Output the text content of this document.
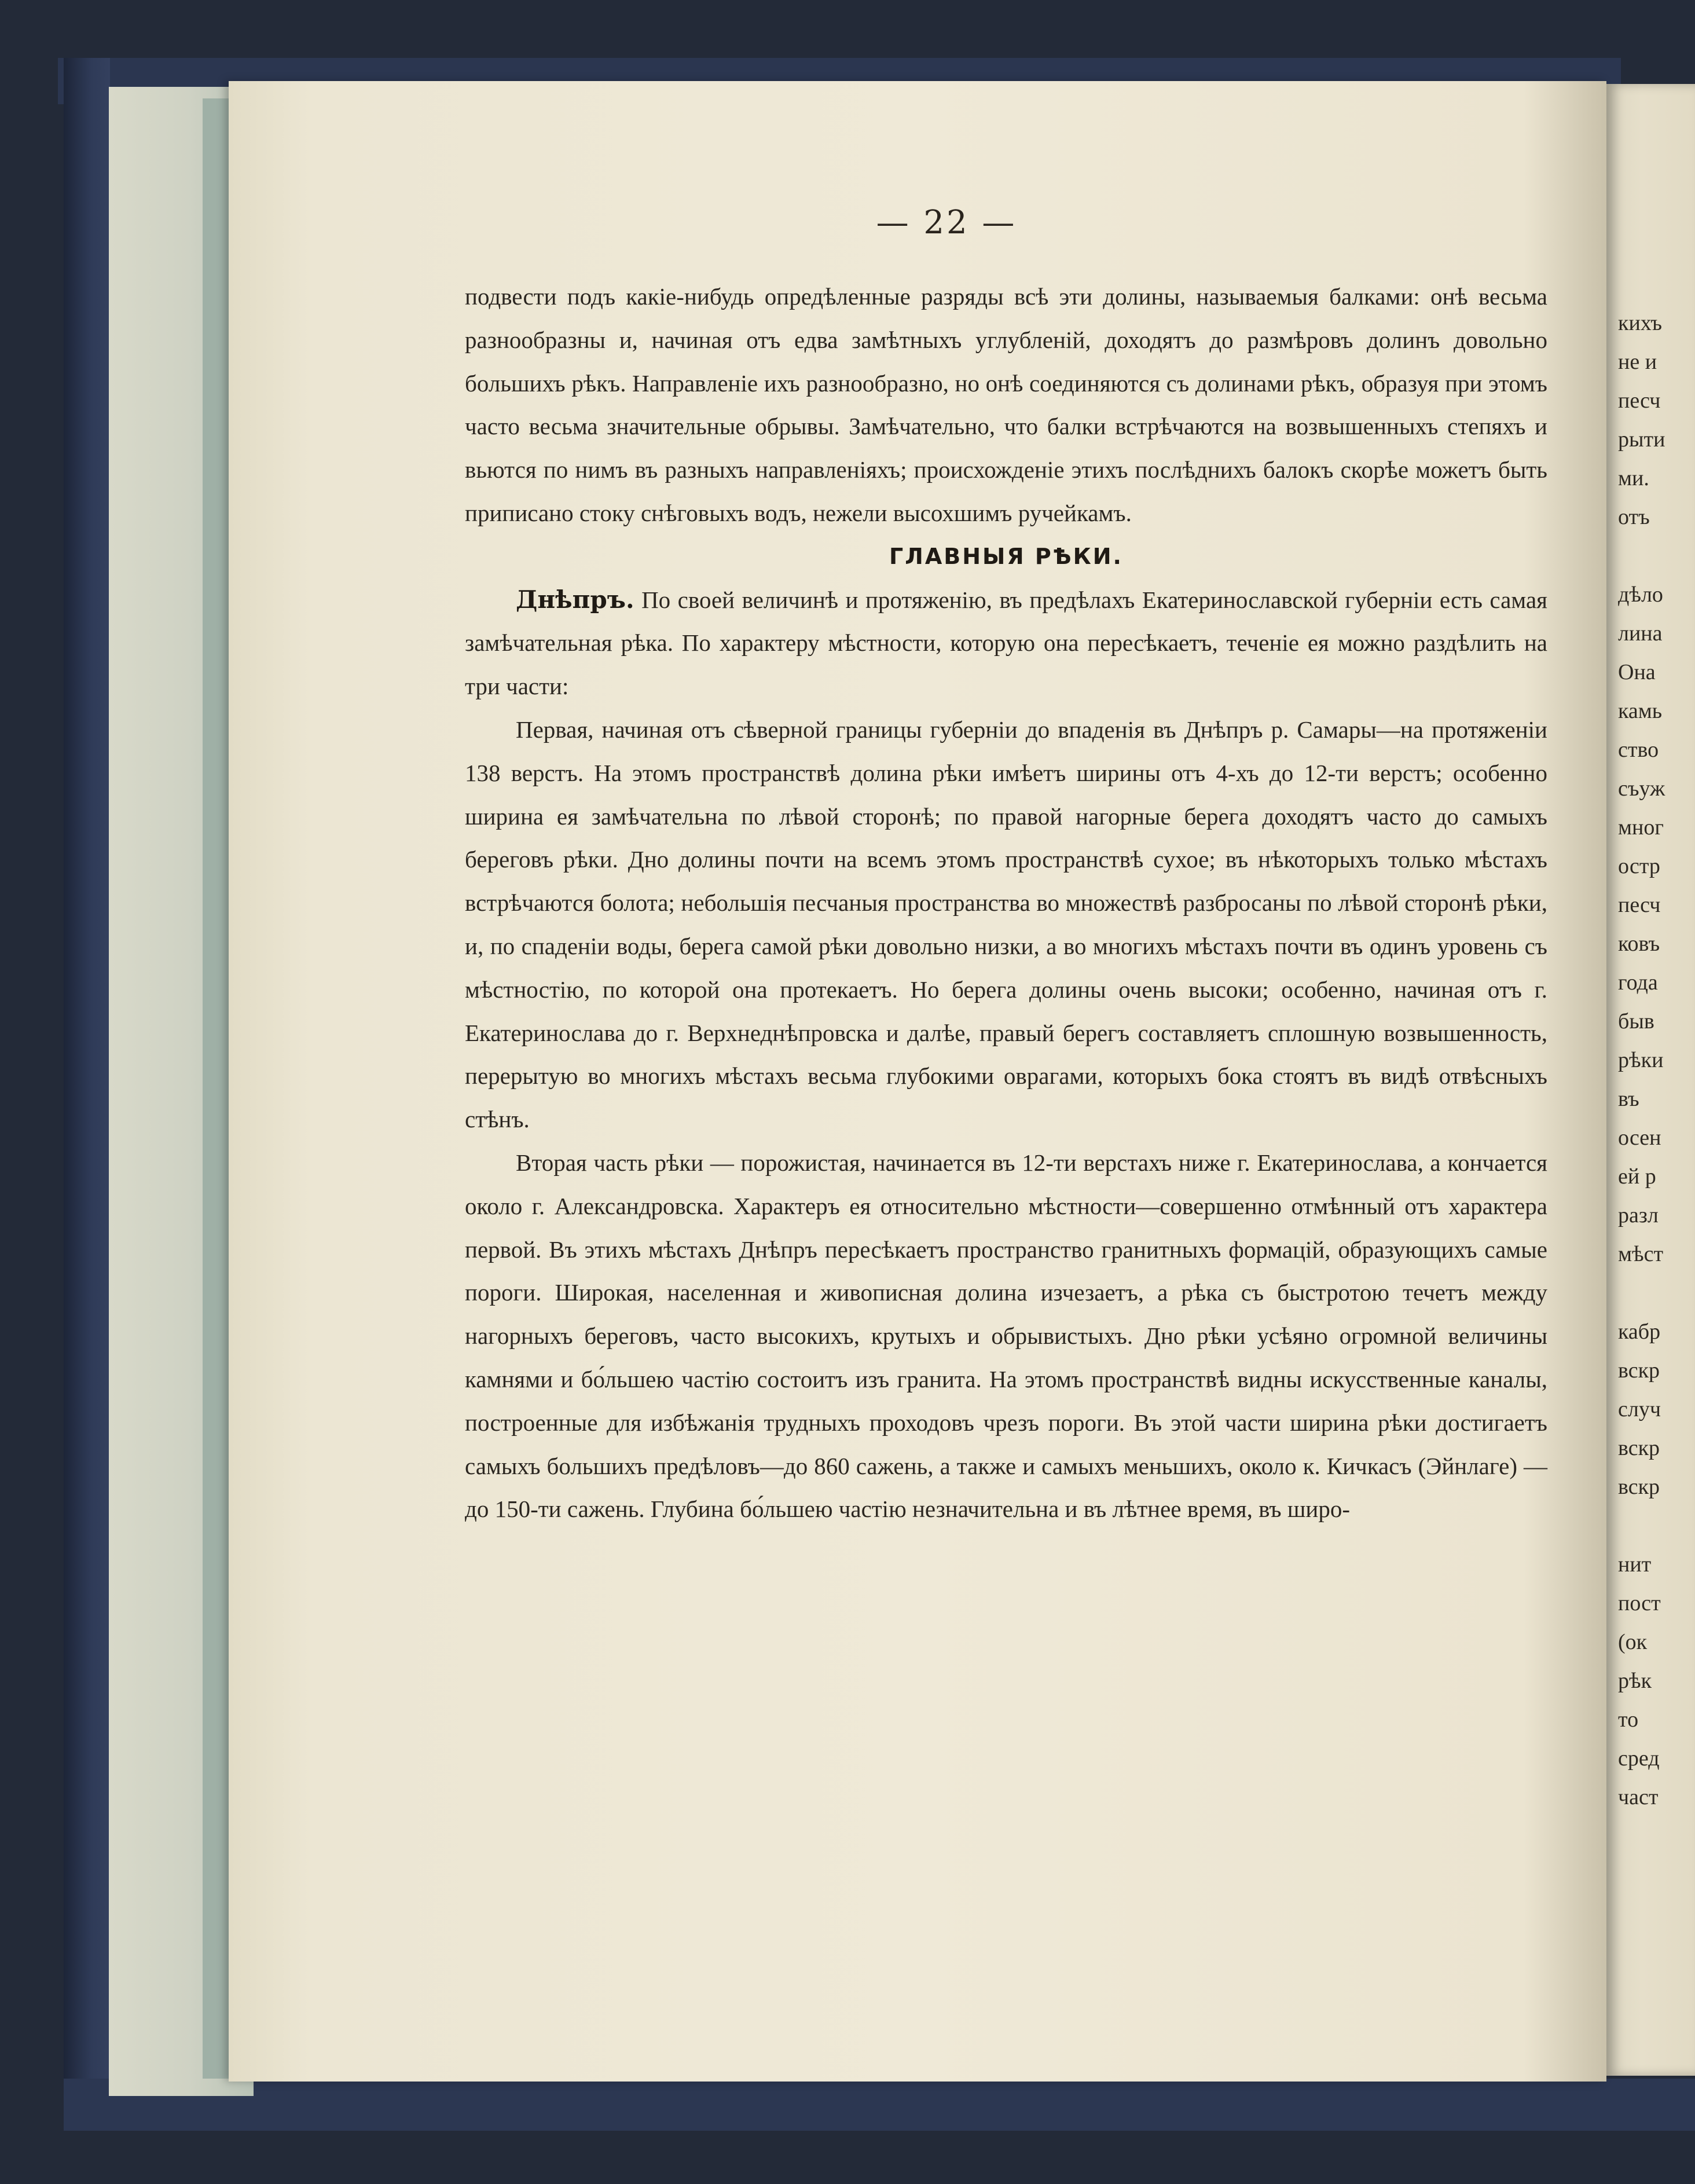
кихъ
не и
песч
рыти
ми.
отъ
дѣло
лина
Она
камь
ство
съуж
мног
остр
песч
ковъ
года
быв
рѣки
въ
осен
ей р
разл
мѣст
кабр
вскр
случ
вскр
вскр
нит
пост
(ок
рѣк
то
сред
част
— 22 —

подвести подъ какіе-нибудь опредѣленные разряды всѣ эти долины, называемыя балками: онѣ весьма разнообразны и, начиная отъ едва замѣтныхъ углубленій, доходятъ до размѣровъ долинъ довольно большихъ рѣкъ. Направленіе ихъ разнообразно, но онѣ соединяются съ долинами рѣкъ, образуя при этомъ часто весьма значительные обрывы. Замѣчательно, что балки встрѣчаются на возвышенныхъ степяхъ и вьются по нимъ въ разныхъ направленіяхъ; происхожденіе этихъ послѣднихъ балокъ скорѣе можетъ быть приписано стоку снѣговыхъ водъ, нежели высохшимъ ручейкамъ.

ГЛАВНЫЯ РѢКИ.

Днѣпръ. По своей величинѣ и протяженію, въ предѣлахъ Екатеринославской губерніи есть самая замѣчательная рѣка. По характеру мѣстности, которую она пересѣкаетъ, теченіе ея можно раздѣлить на три части:

Первая, начиная отъ сѣверной границы губерніи до впаденія въ Днѣпръ р. Самары—на протяженіи 138 верстъ. На этомъ пространствѣ долина рѣки имѣетъ ширины отъ 4-хъ до 12-ти верстъ; особенно ширина ея замѣчательна по лѣвой сторонѣ; по правой нагорные берега доходятъ часто до самыхъ береговъ рѣки. Дно долины почти на всемъ этомъ пространствѣ сухое; въ нѣкоторыхъ только мѣстахъ встрѣчаются болота; небольшія песчаныя пространства во множествѣ разбросаны по лѣвой сторонѣ рѣки, и, по спаденіи воды, берега самой рѣки довольно низки, а во многихъ мѣстахъ почти въ одинъ уровень съ мѣстностію, по которой она протекаетъ. Но берега долины очень высоки; особенно, начиная отъ г. Екатеринослава до г. Верхнеднѣпровска и далѣе, правый берегъ составляетъ сплошную возвышенность, перерытую во многихъ мѣстахъ весьма глубокими оврагами, которыхъ бока стоятъ въ видѣ отвѣсныхъ стѣнъ.

Вторая часть рѣки — порожистая, начинается въ 12-ти верстахъ ниже г. Екатеринослава, а кончается около г. Александровска. Характеръ ея относительно мѣстности—совершенно отмѣнный отъ характера первой. Въ этихъ мѣстахъ Днѣпръ пересѣкаетъ пространство гранитныхъ формацій, образующихъ самые пороги. Широкая, населенная и живописная долина изчезаетъ, а рѣка съ быстротою течетъ между нагорныхъ береговъ, часто высокихъ, крутыхъ и обрывистыхъ. Дно рѣки усѣяно огромной величины камнями и бо́льшею частію состоитъ изъ гранита. На этомъ пространствѣ видны искусственные каналы, построенные для избѣжанія трудныхъ проходовъ чрезъ пороги. Въ этой части ширина рѣки достигаетъ самыхъ большихъ предѣловъ—до 860 сажень, а также и самыхъ меньшихъ, около к. Кичкасъ (Эйнлаге) — до 150-ти сажень. Глубина бо́льшею частію незначительна и въ лѣтнее время, въ широ-
